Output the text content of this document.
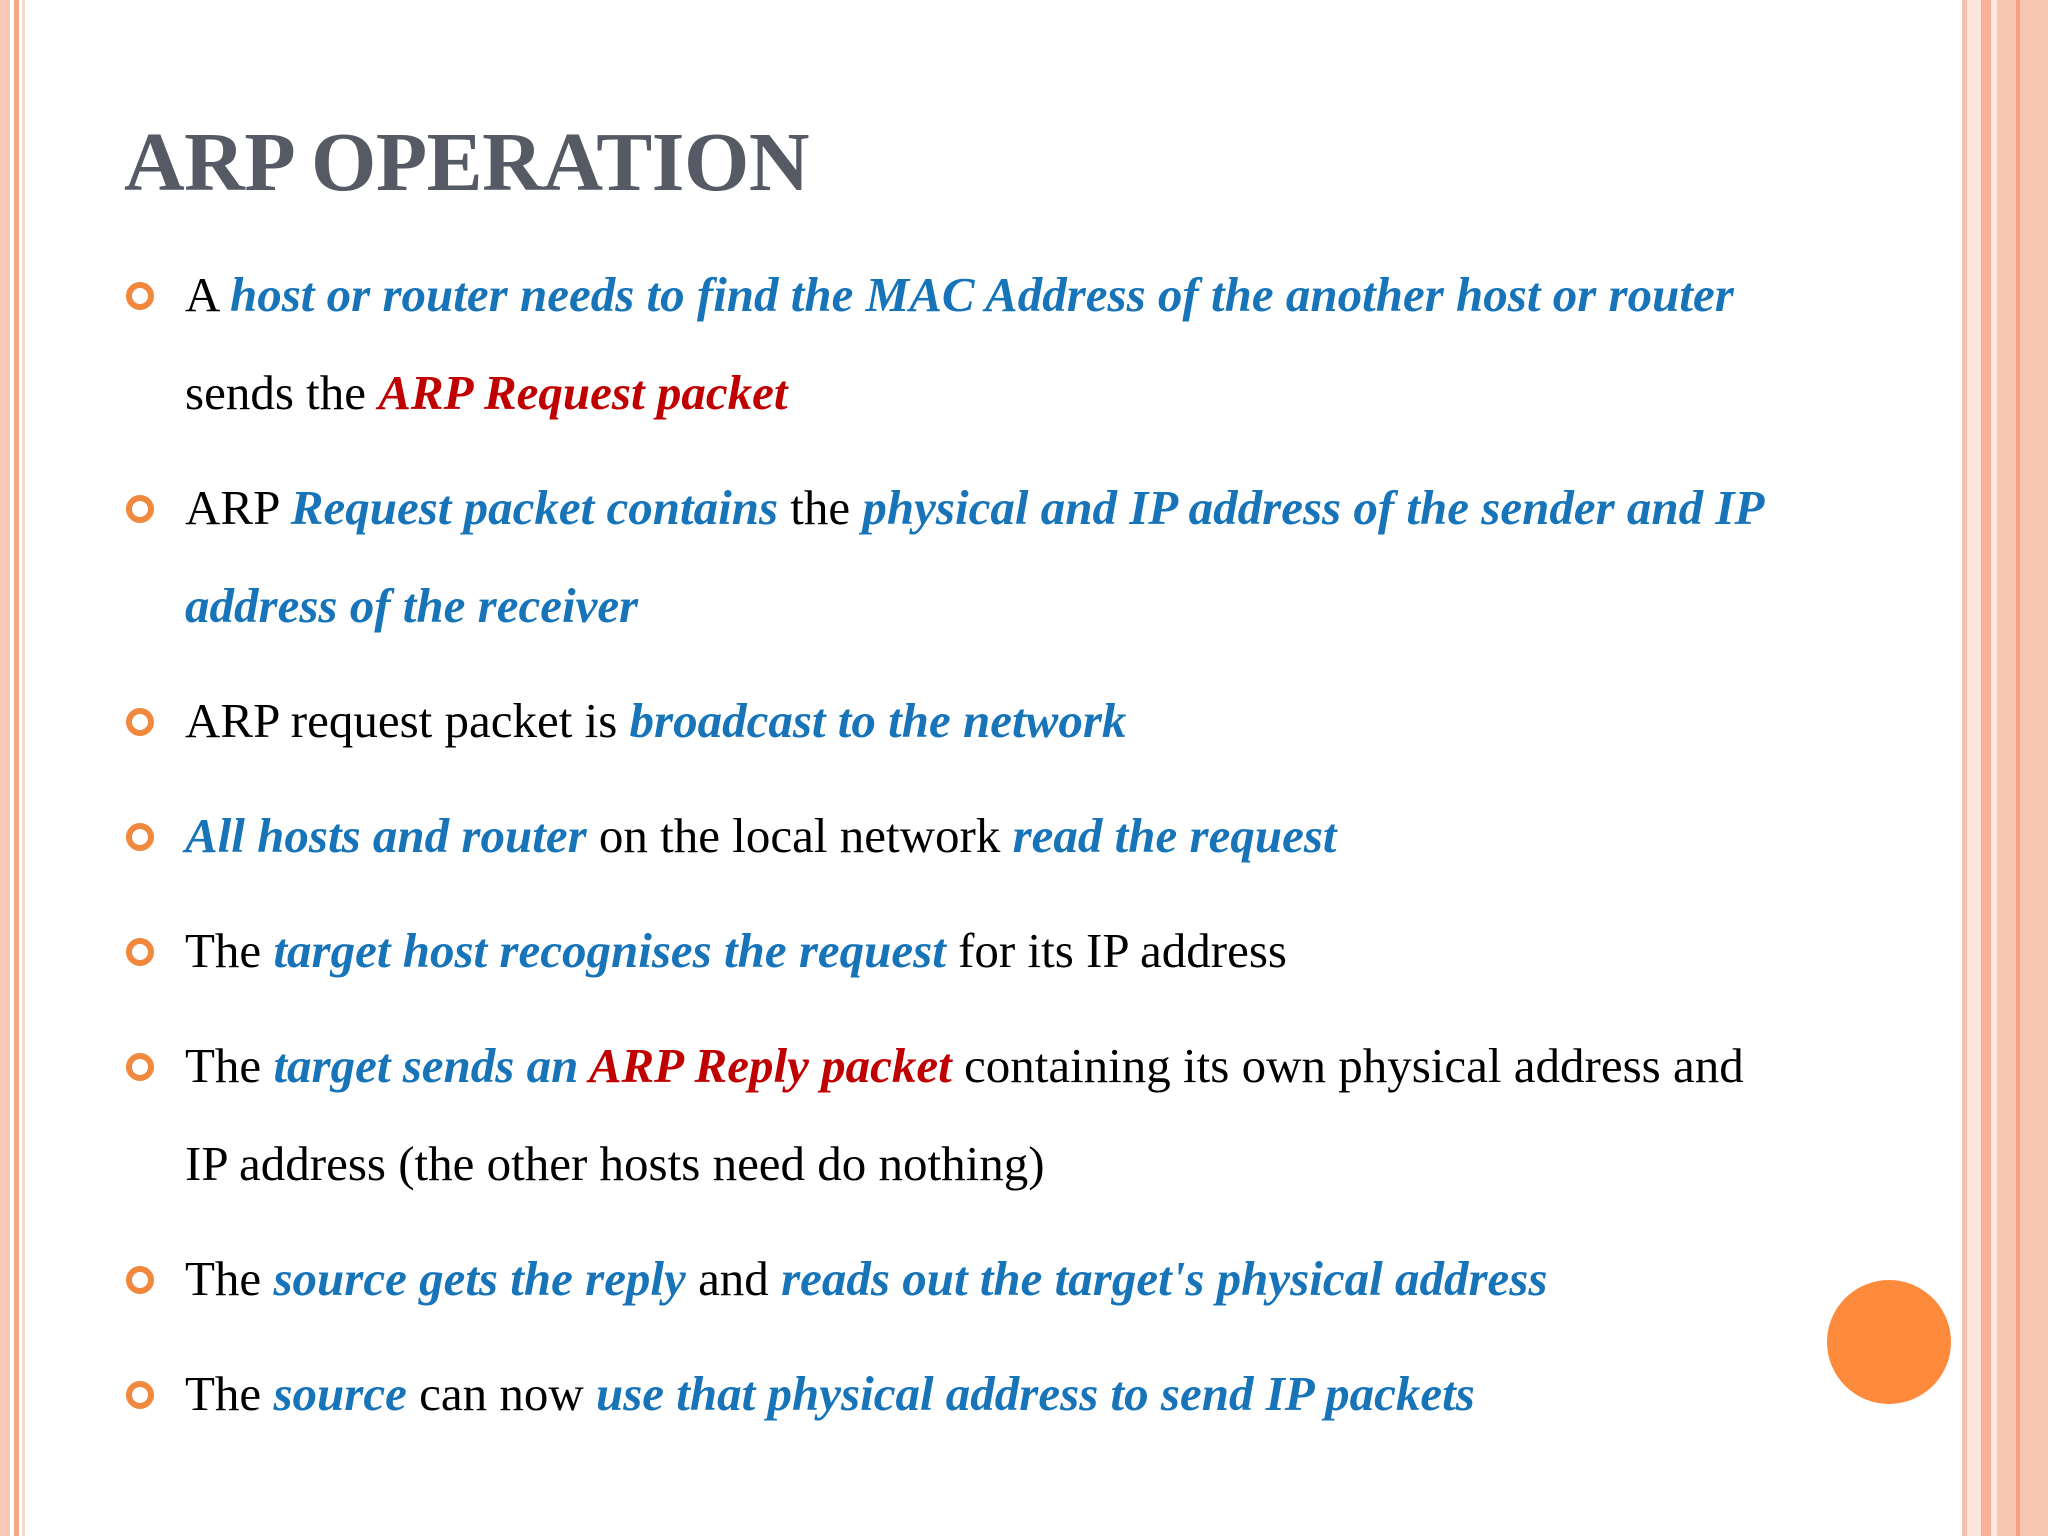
ARP OPERATION
A host or router needs to find the MAC Address of the another host or router
sends the ARP Request packet
ARP Request packet contains the physical and IP address of the sender and IP
address of the receiver
ARP request packet is broadcast to the network
All hosts and router on the local network read the request
The target host recognises the request for its IP address
The target sends an ARP Reply packet containing its own physical address and
IP address (the other hosts need do nothing)
The source gets the reply and reads out the target's physical address
The source can now use that physical address to send IP packets
